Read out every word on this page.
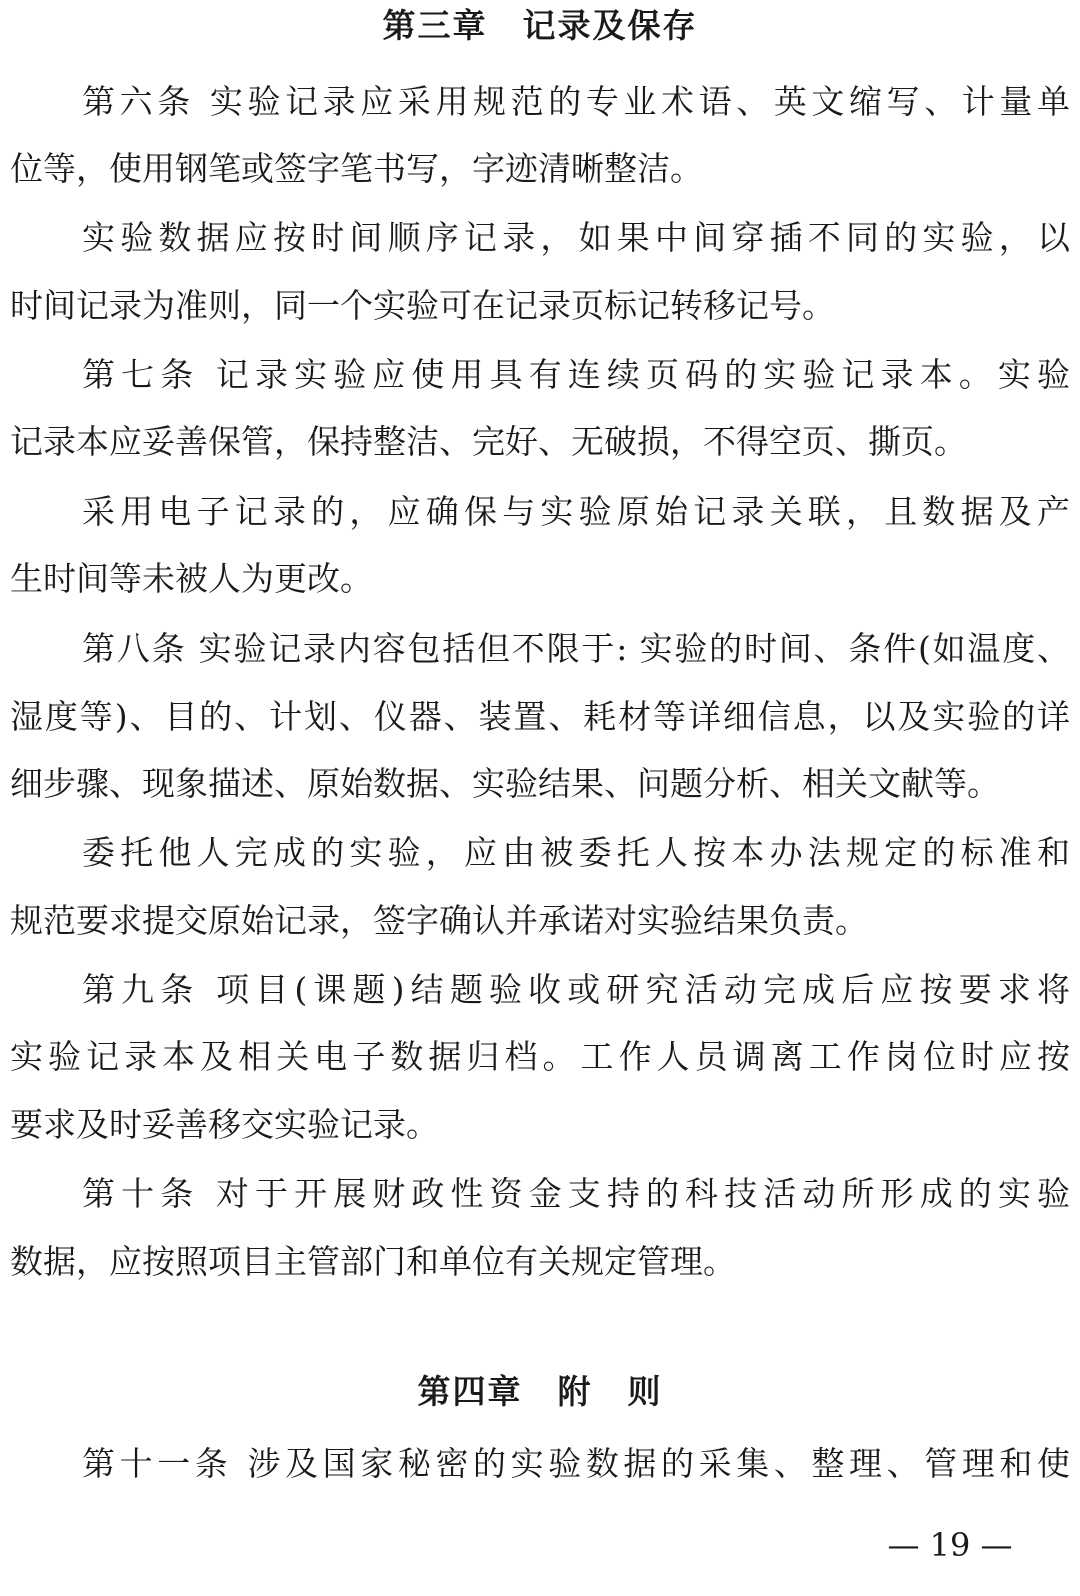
第三章　记录及保存
第六条 实验记录应采用规范的专业术语、英文缩写、计量单
位等，使用钢笔或签字笔书写，字迹清晰整洁。
实验数据应按时间顺序记录，如果中间穿插不同的实验，以
时间记录为准则，同一个实验可在记录页标记转移记号。
第七条 记录实验应使用具有连续页码的实验记录本。实验
记录本应妥善保管，保持整洁、完好、无破损，不得空页、撕页。
采用电子记录的，应确保与实验原始记录关联，且数据及产
生时间等未被人为更改。
第八条 实验记录内容包括但不限于: 实验的时间、条件(如温度、
湿度等)、目的、计划、仪器、装置、耗材等详细信息，以及实验的详
细步骤、现象描述、原始数据、实验结果、问题分析、相关文献等。
委托他人完成的实验，应由被委托人按本办法规定的标准和
规范要求提交原始记录，签字确认并承诺对实验结果负责。
第九条 项目(课题)结题验收或研究活动完成后应按要求将
实验记录本及相关电子数据归档。工作人员调离工作岗位时应按
要求及时妥善移交实验记录。
第十条 对于开展财政性资金支持的科技活动所形成的实验
数据，应按照项目主管部门和单位有关规定管理。
第四章　附　则
第十一条 涉及国家秘密的实验数据的采集、整理、管理和使
— 19 —
